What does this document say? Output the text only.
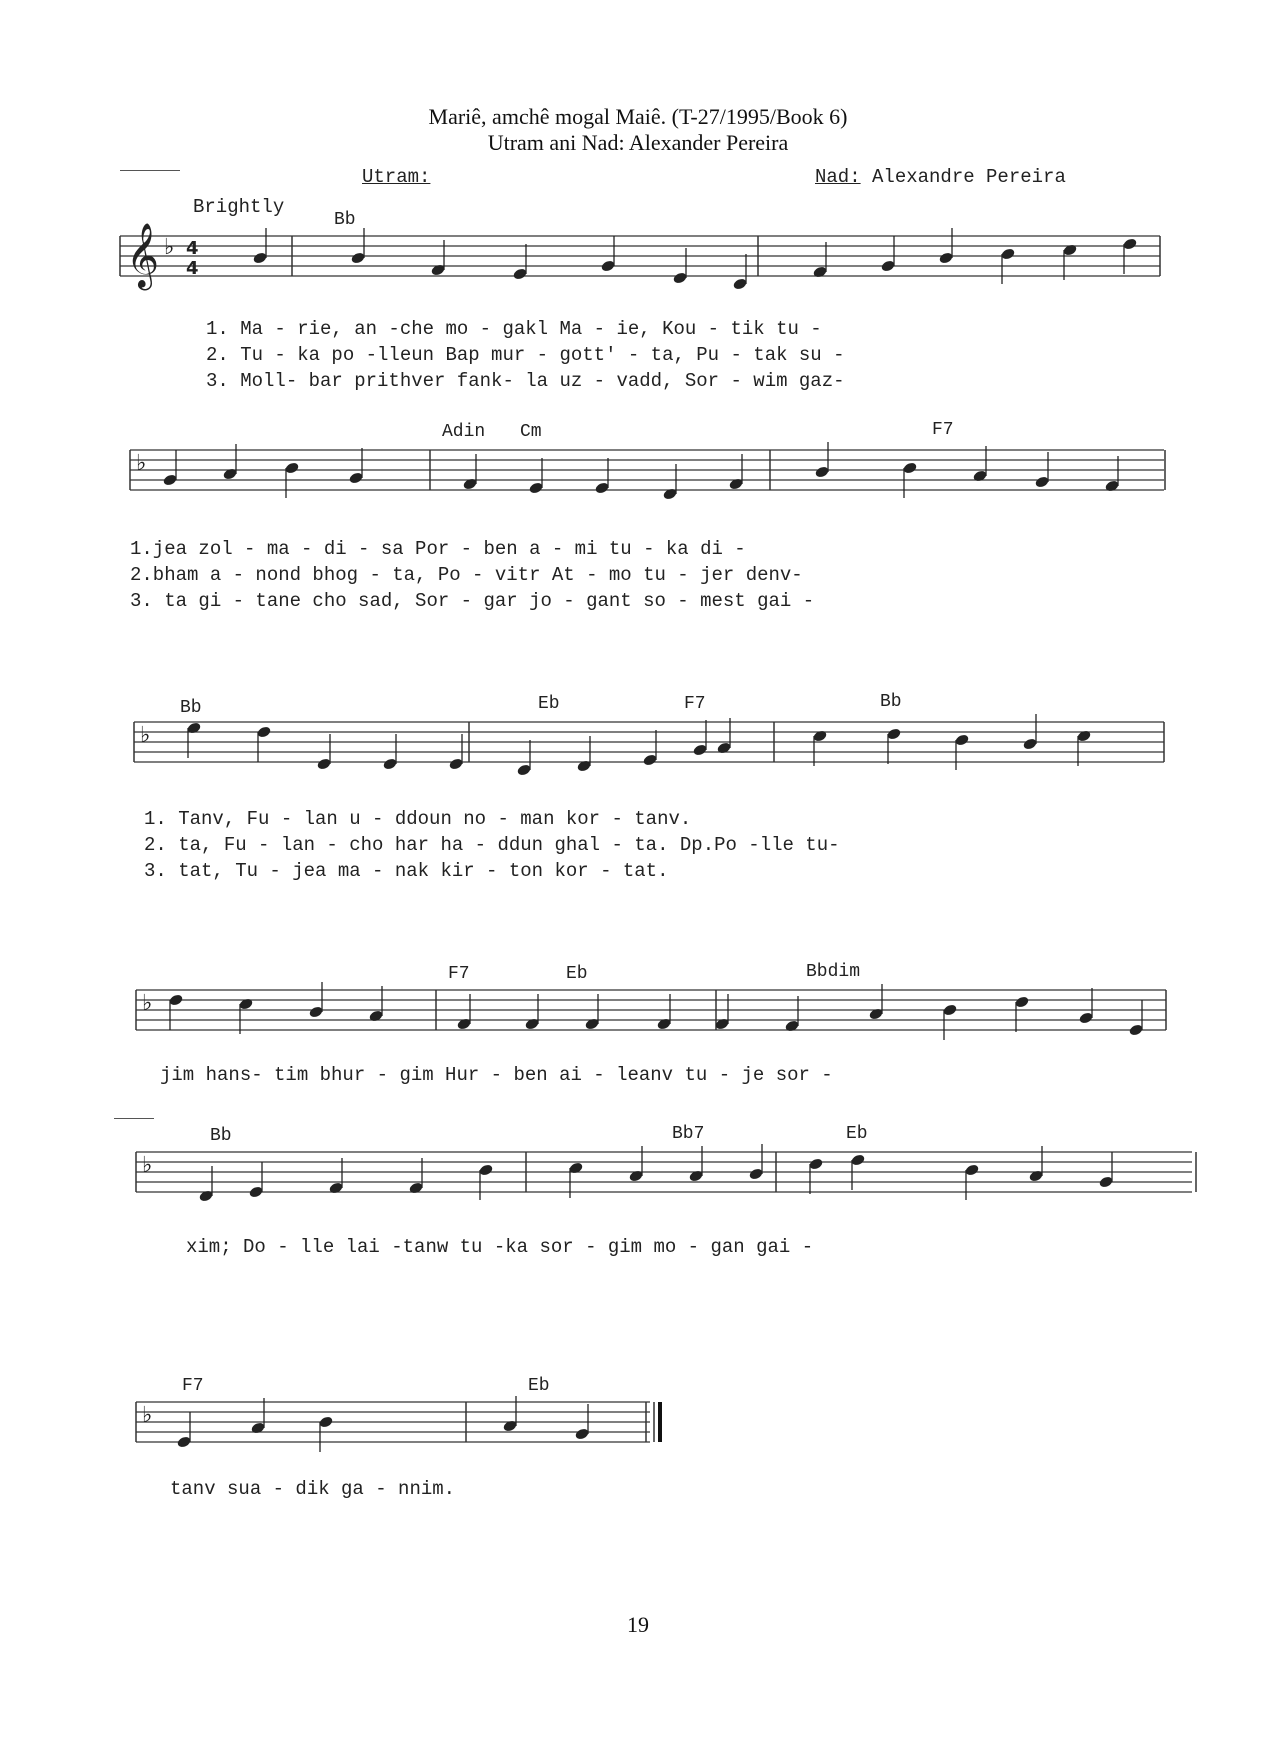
Mariê, amchê mogal Maiê. (T-27/1995/Book 6)
Utram ani Nad: Alexander Pereira
Utram:	Nad: Alexandre Pereira
Brightly
Bb
𝄞 ♭ 4
4
1. Ma - rie, an -che mo - gakl Ma - ie, Kou - tik tu -
2. Tu - ka po -lleun Bap mur - gott' - ta, Pu - tak su -
3. Moll- bar prithver fank- la uz - vadd, Sor - wim gaz-
Adin Cm	F7
♭
1.jea zol - ma - di - sa Por - ben a - mi tu - ka di -
2.bham a - nond bhog - ta, Po - vitr At - mo tu - jer denv-
3. ta gi - tane cho sad, Sor - gar jo - gant so - mest gai -
Bb	Eb	F7	Bb
♭
1. Tanv, Fu - lan u - ddoun no - man kor - tanv.
2. ta, Fu - lan - cho har ha - ddun ghal - ta. Dp.Po -lle tu-
3. tat, Tu - jea ma - nak kir - ton kor - tat.
F7	Eb	Bbdim
♭
jim hans- tim bhur - gim Hur - ben ai - leanv tu - je sor -
Bb	Bb7	Eb
♭
xim; Do - lle lai -tanw tu -ka sor - gim mo - gan gai -
F7	Eb
♭
tanv sua - dik ga - nnim.
19
